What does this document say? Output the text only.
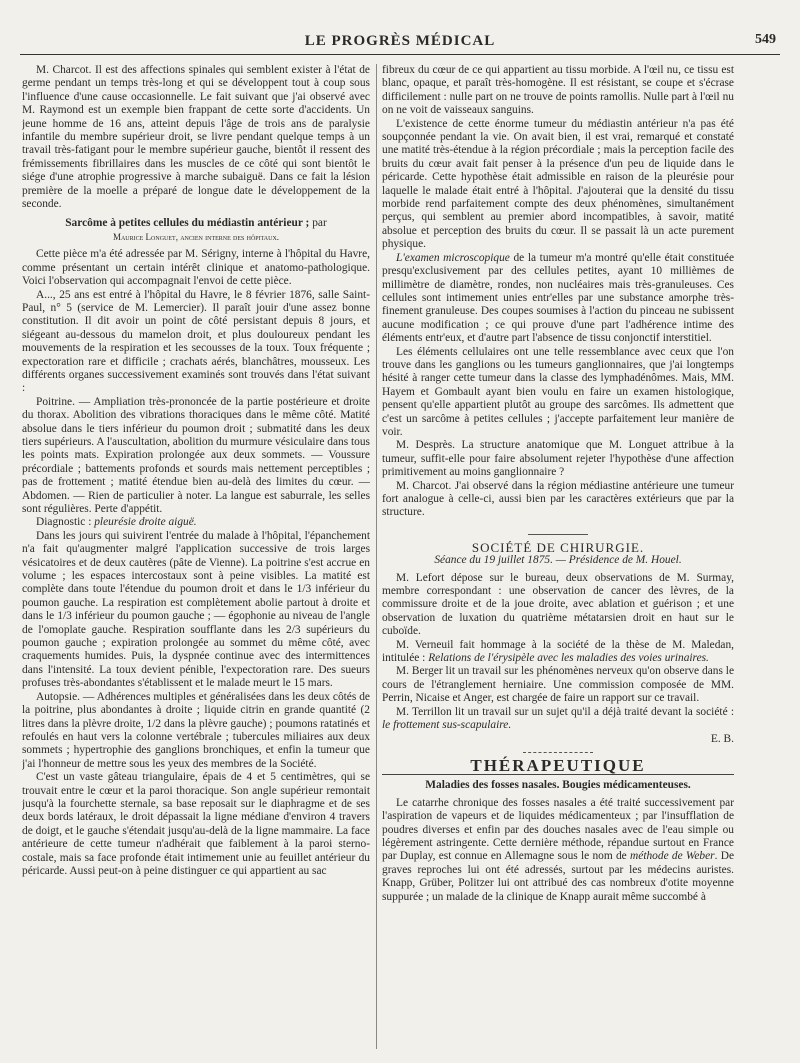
LE PROGRÈS MÉDICAL	549

M. Charcot. Il est des affections spinales qui semblent exister à l'état de germe pendant un temps très-long et qui se développent tout à coup sous l'influence d'une cause occasionnelle. Le fait suivant que j'ai observé avec M. Raymond est un exemple bien frappant de cette sorte d'accidents. Un jeune homme de 16 ans, atteint depuis l'âge de trois ans de paralysie infantile du membre supérieur droit, se livre pendant quelque temps à un travail très-fatigant pour le membre supérieur gauche, bientôt il ressent des frémissements fibrillaires dans les muscles de ce côté qui sont bientôt le siége d'une atrophie progressive à marche subaiguë. Dans ce fait la lésion première de la moelle a préparé de longue date le développement de la seconde.

Sarcôme à petites cellules du médiastin antérieur ; par

Maurice Longuet, ancien interne des hôpitaux.

Cette pièce m'a été adressée par M. Sérigny, interne à l'hôpital du Havre, comme présentant un certain intérêt clinique et anatomo-pathologique. Voici l'observation qui accompagnait l'envoi de cette pièce.

A..., 25 ans est entré à l'hôpital du Havre, le 8 février 1876, salle Saint-Paul, n° 5 (service de M. Lemercier). Il paraît jouir d'une assez bonne constitution. Il dit avoir un point de côté persistant depuis 8 jours, et siégeant au-dessous du mamelon droit, et plus douloureux pendant les mouvements de la respiration et les secousses de la toux. Toux fréquente ; expectoration rare et difficile ; crachats aérés, blanchâtres, mousseux. Les différents organes successivement examinés sont trouvés dans l'état suivant :

Poitrine. — Ampliation très-prononcée de la partie postérieure et droite du thorax. Abolition des vibrations thoraciques dans le même côté. Matité absolue dans le tiers inférieur du poumon droit ; submatité dans les deux tiers supérieurs. A l'auscultation, abolition du murmure vésiculaire dans tous les points mats. Expiration prolongée aux deux sommets. — Voussure précordiale ; battements profonds et sourds mais nettement perceptibles ; pas de frottement ; matité étendue bien au-delà des limites du cœur. — Abdomen. — Rien de particulier à noter. La langue est saburrale, les selles sont régulières. Perte d'appétit.

Diagnostic : pleurésie droite aiguë.

Dans les jours qui suivirent l'entrée du malade à l'hôpital, l'épanchement n'a fait qu'augmenter malgré l'application successive de trois larges vésicatoires et de deux cautères (pâte de Vienne). La poitrine s'est accrue en volume ; les espaces intercostaux sont à peine visibles. La matité est complète dans toute l'étendue du poumon droit et dans le 1/3 inférieur du poumon gauche. La respiration est complètement abolie partout à droite et dans le 1/3 inférieur du poumon gauche ; — égophonie au niveau de l'angle de l'omoplate gauche. Respiration soufflante dans les 2/3 supérieurs du poumon gauche ; expiration prolongée au sommet du même côté, avec craquements humides. Puis, la dyspnée continue avec des intermittences dans l'intensité. La toux devient pénible, l'expectoration rare. Des sueurs profuses très-abondantes s'établissent et le malade meurt le 15 mars.

Autopsie. — Adhérences multiples et généralisées dans les deux côtés de la poitrine, plus abondantes à droite ; liquide citrin en grande quantité (2 litres dans la plèvre droite, 1/2 dans la plèvre gauche) ; poumons ratatinés et refoulés en haut vers la colonne vertébrale ; tubercules miliaires aux deux sommets ; hypertrophie des ganglions bronchiques, et enfin la tumeur que j'ai l'honneur de mettre sous les yeux des membres de la Société.

C'est un vaste gâteau triangulaire, épais de 4 et 5 centimètres, qui se trouvait entre le cœur et la paroi thoracique. Son angle supérieur remontait jusqu'à la fourchette sternale, sa base reposait sur le diaphragme et de ses deux bords latéraux, le droit dépassait la ligne médiane d'environ 4 travers de doigt, et le gauche s'étendait jusqu'au-delà de la ligne mammaire. La face antérieure de cette tumeur n'adhérait que faiblement à la paroi sterno-costale, mais sa face profonde était intimement unie au feuillet antérieur du péricarde. Aussi peut-on à peine distinguer ce qui appartient au sac

fibreux du cœur de ce qui appartient au tissu morbide. A l'œil nu, ce tissu est blanc, opaque, et paraît très-homogène. Il est résistant, se coupe et s'écrase difficilement : nulle part on ne trouve de points ramollis. Nulle part à l'œil nu on ne voit de vaisseaux sanguins.

L'existence de cette énorme tumeur du médiastin antérieur n'a pas été soupçonnée pendant la vie. On avait bien, il est vrai, remarqué et constaté une matité très-étendue à la région précordiale ; mais la perception facile des bruits du cœur avait fait penser à la présence d'un peu de liquide dans le péricarde. Cette hypothèse était admissible en raison de la pleurésie pour laquelle le malade était entré à l'hôpital. J'ajouterai que la densité du tissu morbide rend parfaitement compte des deux phénomènes, simultanément perçus, qui semblent au premier abord incompatibles, à savoir, matité absolue et perception des bruits du cœur. Il se passait là un acte purement physique.

L'examen microscopique de la tumeur m'a montré qu'elle était constituée presqu'exclusivement par des cellules petites, ayant 10 millièmes de millimètre de diamètre, rondes, non nucléaires mais très-granuleuses. Ces cellules sont intimement unies entr'elles par une substance amorphe très-finement granuleuse. Des coupes soumises à l'action du pinceau ne subissent aucune modification ; ce qui prouve d'une part l'adhérence intime des éléments entr'eux, et d'autre part l'absence de tissu conjonctif interstitiel.

Les éléments cellulaires ont une telle ressemblance avec ceux que l'on trouve dans les ganglions ou les tumeurs ganglionnaires, que j'ai longtemps hésité à ranger cette tumeur dans la classe des lymphadénômes. Mais, MM. Hayem et Gombault ayant bien voulu en faire un examen histologique, pensent qu'elle appartient plutôt au groupe des sarcômes. Ils admettent que c'est un sarcôme à petites cellules ; j'accepte parfaitement leur manière de voir.

M. Desprès. La structure anatomique que M. Longuet attribue à la tumeur, suffit-elle pour faire absolument rejeter l'hypothèse d'une affection primitivement au moins ganglionnaire ?

M. Charcot. J'ai observé dans la région médiastine antérieure une tumeur fort analogue à celle-ci, aussi bien par les caractères extérieurs que par la structure.

SOCIÉTÉ DE CHIRURGIE.

Séance du 19 juillet 1875. — Présidence de M. Houel.

M. Lefort dépose sur le bureau, deux observations de M. Surmay, membre correspondant : une observation de cancer des lèvres, de la commissure droite et de la joue droite, avec ablation et guérison ; et une observation de luxation du quatrième métatarsien droit en haut sur le cuboïde.

M. Verneuil fait hommage à la société de la thèse de M. Maledan, intitulée : Relations de l'érysipèle avec les maladies des voies urinaires.

M. Berger lit un travail sur les phénomènes nerveux qu'on observe dans le cours de l'étranglement herniaire. Une commission composée de MM. Perrin, Nicaise et Anger, est chargée de faire un rapport sur ce travail.

M. Terrillon lit un travail sur un sujet qu'il a déjà traité devant la société : le frottement sus-scapulaire.

E. B.

THÉRAPEUTIQUE

Maladies des fosses nasales. Bougies médicamenteuses.

Le catarrhe chronique des fosses nasales a été traité successivement par l'aspiration de vapeurs et de liquides médicamenteux ; par l'insufflation de poudres diverses et enfin par des douches nasales avec de l'eau simple ou légèrement astringente. Cette dernière méthode, répandue surtout en France par Duplay, est connue en Allemagne sous le nom de méthode de Weber. De graves reproches lui ont été adressés, surtout par les médecins auristes. Knapp, Grüber, Politzer lui ont attribué des cas nombreux d'otite moyenne suppurée ; un malade de la clinique de Knapp aurait même succombé à
